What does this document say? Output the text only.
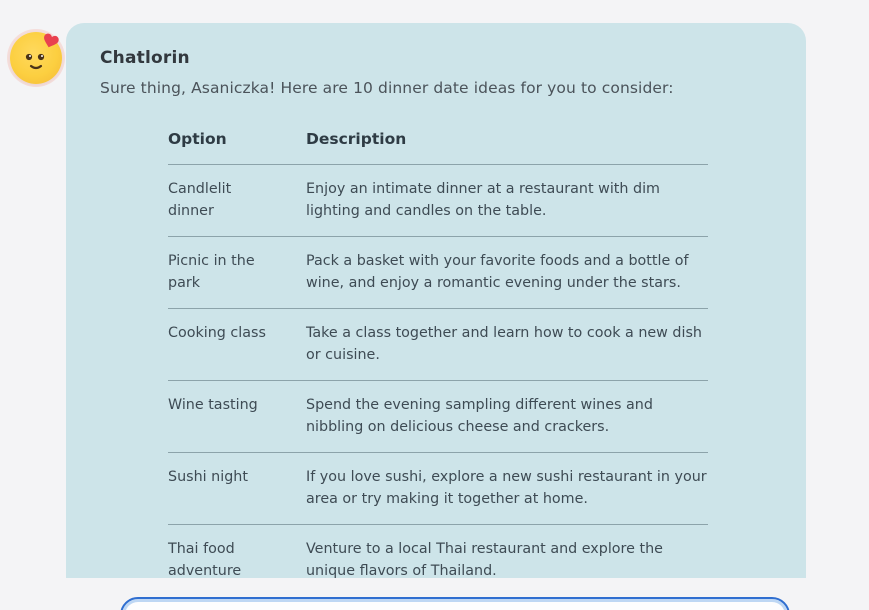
Chatlorin
Sure thing, Asaniczka! Here are 10 dinner date ideas for you to consider:
Option	Description
Candlelit dinner	Enjoy an intimate dinner at a restaurant with dim lighting and candles on the table.
Picnic in the park	Pack a basket with your favorite foods and a bottle of wine, and enjoy a romantic evening under the stars.
Cooking class	Take a class together and learn how to cook a new dish or cuisine.
Wine tasting	Spend the evening sampling different wines and nibbling on delicious cheese and crackers.
Sushi night	If you love sushi, explore a new sushi restaurant in your area or try making it together at home.
Thai food adventure	Venture to a local Thai restaurant and explore the unique flavors of Thailand.
